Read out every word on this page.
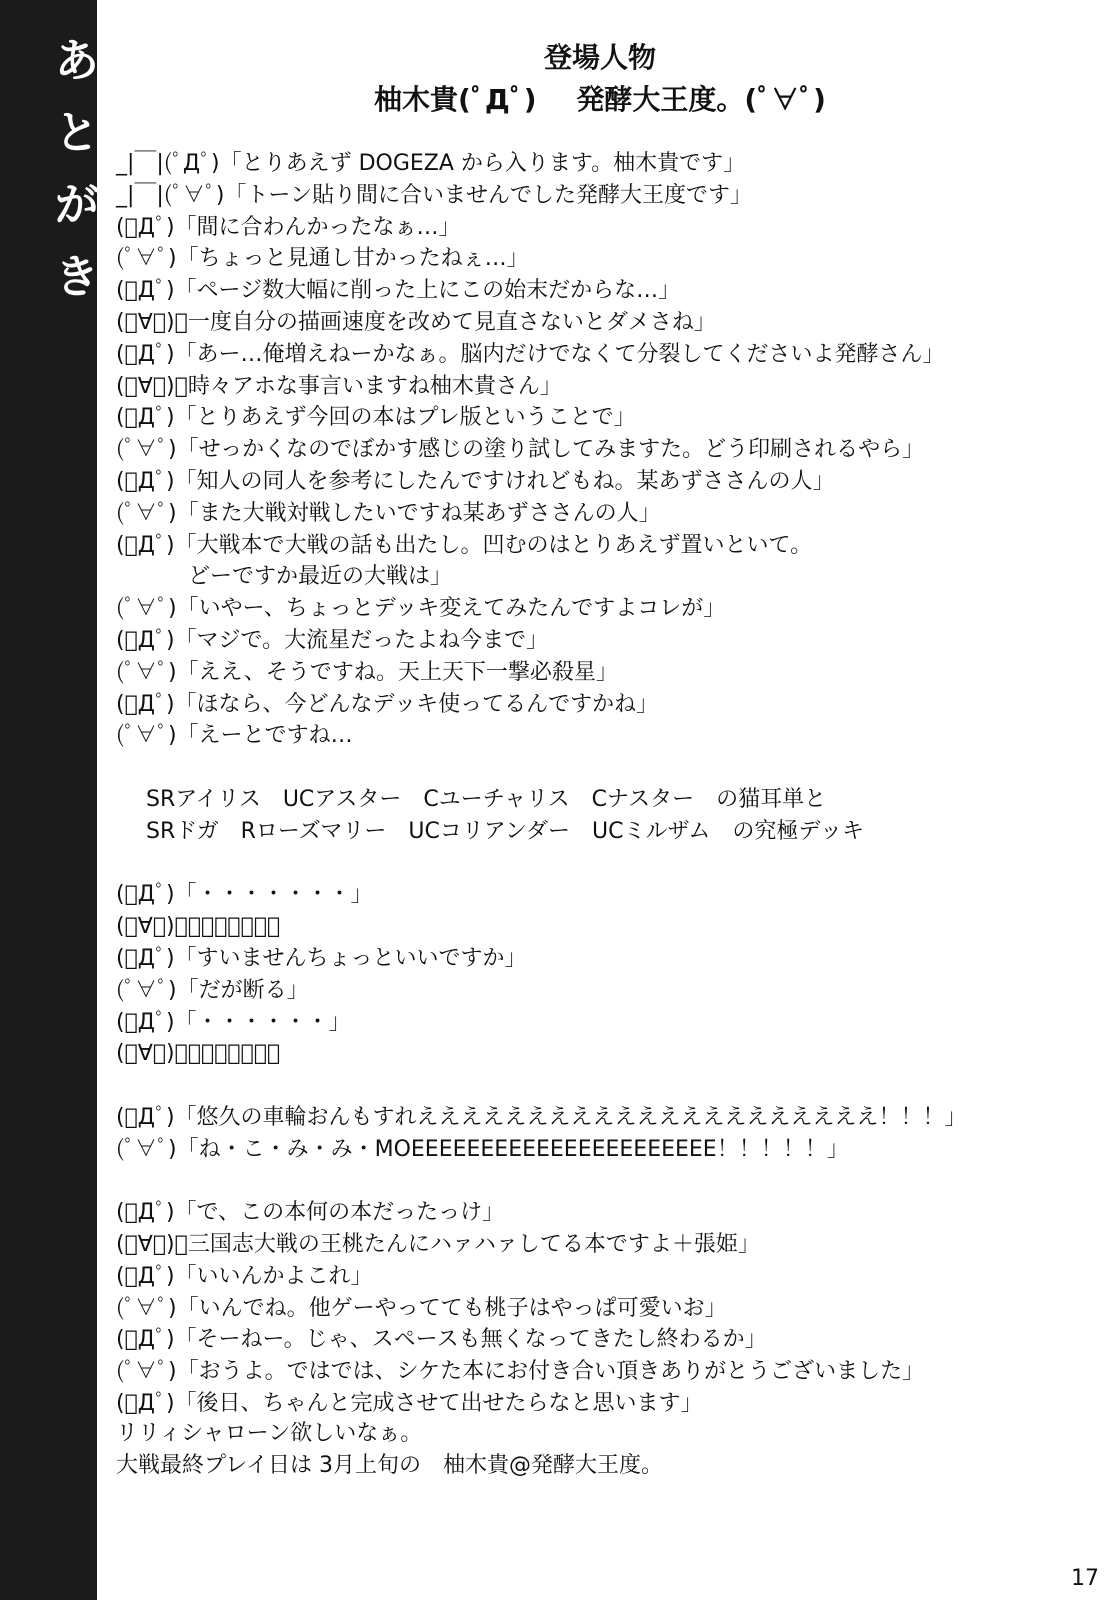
あとがき	登場人物
柚木貴(ﾟДﾟ) 発酵大王度。(ﾟ∀ﾟ)
_|￣|(ﾟДﾟ)「とりあえず DOGEZA から入ります。柚木貴です」
_|￣|(ﾟ∀ﾟ)「トーン貼り間に合いませんでした発酵大王度です」
(ﾟДﾟ)「間に合わんかったなぁ…」
(ﾟ∀ﾟ)「ちょっと見通し甘かったねぇ…」
(ﾟДﾟ)「ページ数大幅に削った上にこの始末だからな…」
(ﾟ∀ﾟ)「一度自分の描画速度を改めて見直さないとダメさね」
(ﾟДﾟ)「あー…俺増えねーかなぁ。脳内だけでなくて分裂してくださいよ発酵さん」
(ﾟ∀ﾟ)「時々アホな事言いますね柚木貴さん」
(ﾟДﾟ)「とりあえず今回の本はプレ版ということで」
(ﾟ∀ﾟ)「せっかくなのでぼかす感じの塗り試してみますた。どう印刷されるやら」
(ﾟДﾟ)「知人の同人を参考にしたんですけれどもね。某あずささんの人」
(ﾟ∀ﾟ)「また大戦対戦したいですね某あずささんの人」
(ﾟДﾟ)「大戦本で大戦の話も出たし。凹むのはとりあえず置いといて。
どーですか最近の大戦は」
(ﾟ∀ﾟ)「いやー、ちょっとデッキ変えてみたんですよコレが」
(ﾟДﾟ)「マジで。大流星だったよね今まで」
(ﾟ∀ﾟ)「ええ、そうですね。天上天下一撃必殺星」
(ﾟДﾟ)「ほなら、今どんなデッキ使ってるんですかね」
(ﾟ∀ﾟ)「えーとですね…
SRアイリス　UCアスター　Cユーチャリス　Cナスター　の猫耳単と
SRドガ　Rローズマリー　UCコリアンダー　UCミルザム　の究極デッキ
(ﾟДﾟ)「・・・・・・・」
(ﾟ∀ﾟ)「・・・・・・」
(ﾟДﾟ)「すいませんちょっといいですか」
(ﾟ∀ﾟ)「だが断る」
(ﾟДﾟ)「・・・・・・」
(ﾟ∀ﾟ)「・・・・・・」
(ﾟДﾟ)「悠久の車輪おんもすれえええええええええええええええええええええ！！！」
(ﾟ∀ﾟ)「ね・こ・み・み・MOEEEEEEEEEEEEEEEEEEEEEE！！！！！」
(ﾟДﾟ)「で、この本何の本だったっけ」
(ﾟ∀ﾟ)「三国志大戦の王桃たんにハァハァしてる本ですよ＋張姫」
(ﾟДﾟ)「いいんかよこれ」
(ﾟ∀ﾟ)「いんでね。他ゲーやってても桃子はやっぱ可愛いお」
(ﾟДﾟ)「そーねー。じゃ、スペースも無くなってきたし終わるか」
(ﾟ∀ﾟ)「おうよ。ではでは、シケた本にお付き合い頂きありがとうございました」
(ﾟДﾟ)「後日、ちゃんと完成させて出せたらなと思います」
リリィシャローン欲しいなぁ。
大戦最終プレイ日は 3月上旬の　柚木貴@発酵大王度。
17
